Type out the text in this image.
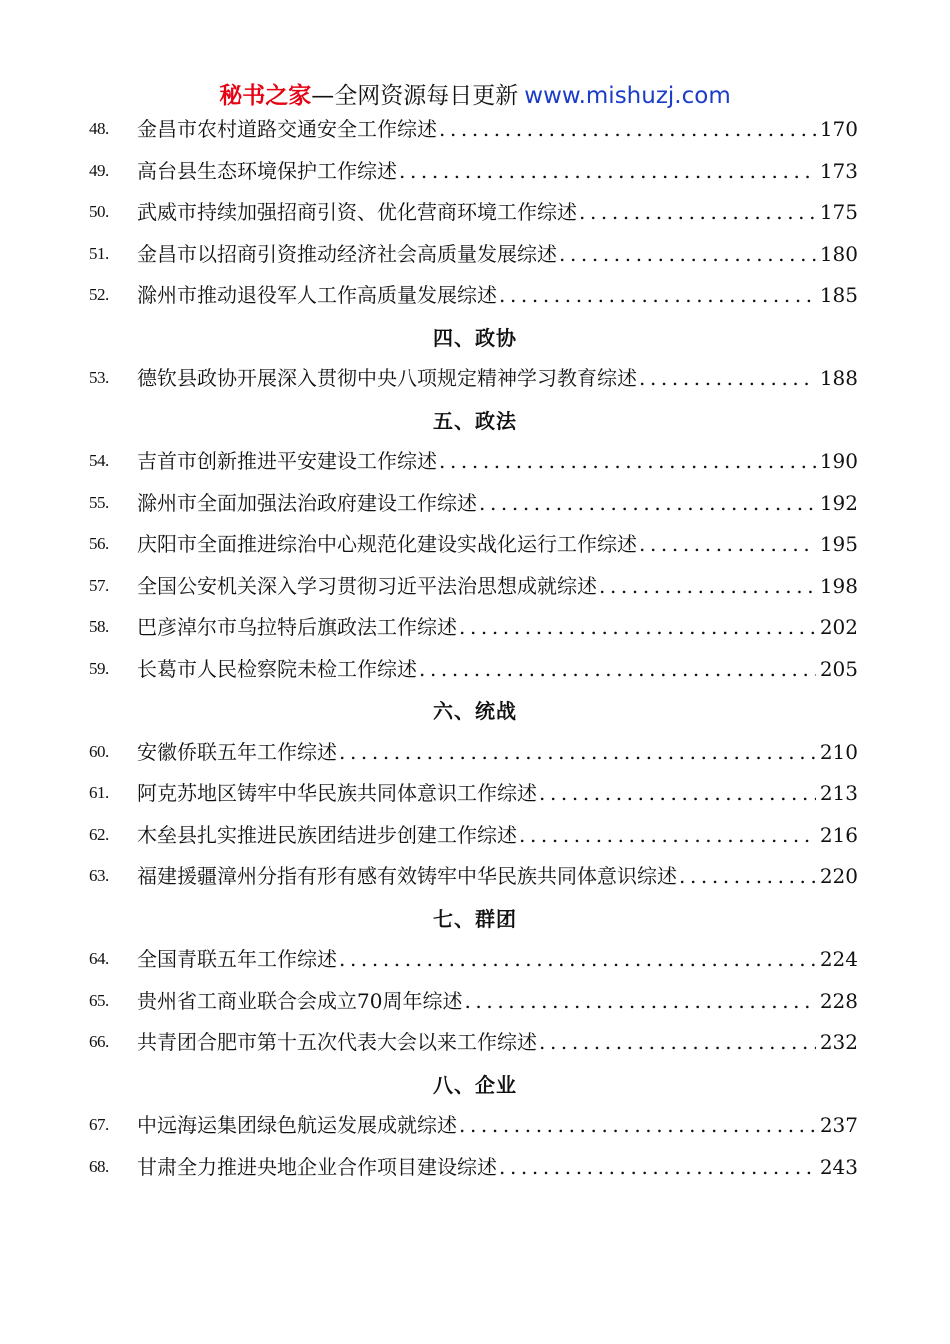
秘书之家—全网资源每日更新 www.mishuzj.com
48. 金昌市农村道路交通安全工作综述 .....	170
49. 高台县生态环境保护工作综述 .....	173
50. 武威市持续加强招商引资、优化营商环境工作综述 .....	175
51. 金昌市以招商引资推动经济社会高质量发展综述 .....	180
52. 滁州市推动退役军人工作高质量发展综述 .....	185
四、政协
53. 德钦县政协开展深入贯彻中央八项规定精神学习教育综述 .....	188
五、政法
54. 吉首市创新推进平安建设工作综述 .....	190
55. 滁州市全面加强法治政府建设工作综述 .....	192
56. 庆阳市全面推进综治中心规范化建设实战化运行工作综述 .....	195
57. 全国公安机关深入学习贯彻习近平法治思想成就综述 .....	198
58. 巴彦淖尔市乌拉特后旗政法工作综述 .....	202
59. 长葛市人民检察院未检工作综述 .....	205
六、统战
60. 安徽侨联五年工作综述 .....	210
61. 阿克苏地区铸牢中华民族共同体意识工作综述 .....	213
62. 木垒县扎实推进民族团结进步创建工作综述 .....	216
63. 福建援疆漳州分指有形有感有效铸牢中华民族共同体意识综述 .....	220
七、群团
64. 全国青联五年工作综述 .....	224
65. 贵州省工商业联合会成立70周年综述 .....	228
66. 共青团合肥市第十五次代表大会以来工作综述 .....	232
八、企业
67. 中远海运集团绿色航运发展成就综述 .....	237
68. 甘肃全力推进央地企业合作项目建设综述 .....	243
